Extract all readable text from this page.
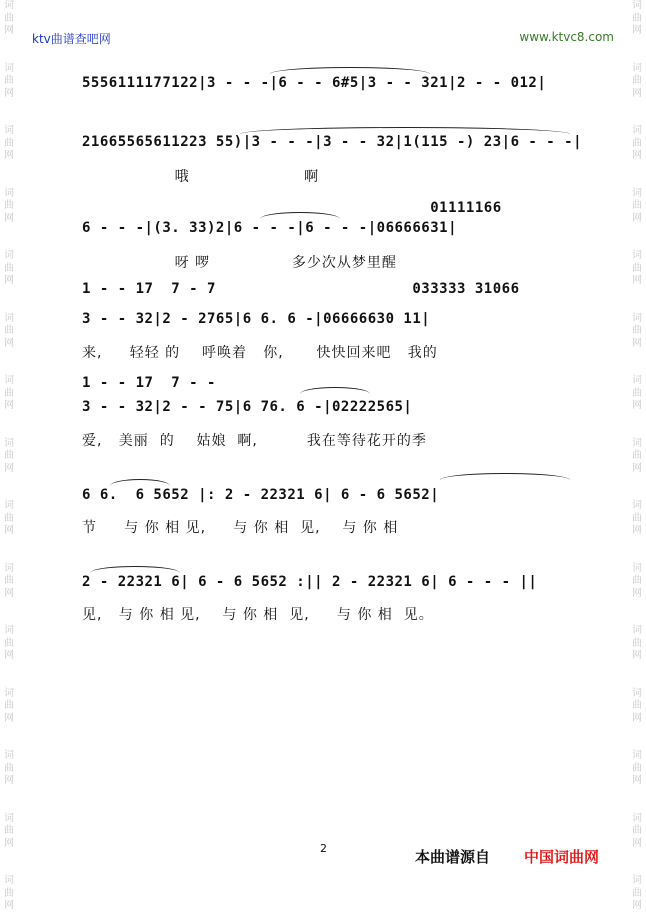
词
曲
网

词
曲
网

词
曲
网

词
曲
网

词
曲
网

词
曲
网

词
曲
网

词
曲
网

词
曲
网

词
曲
网

词
曲
网

词
曲
网

词
曲
网

词
曲
网

词
曲
网
词
曲
网

词
曲
网

词
曲
网

词
曲
网

词
曲
网

词
曲
网

词
曲
网

词
曲
网

词
曲
网

词
曲
网

词
曲
网

词
曲
网

词
曲
网

词
曲
网

词
曲
网
ktv曲谱查吧网	www.ktvc8.com
5556111177122|3 - - -|6 - - 6#5|3 - - 321|2 - - 012|
21665565611223 55)|3 - - -|3 - - 32|1(115 -) 23|6 - - -|
哦                     啊
01111166
6 - - -|(3. 33)2|6 - - -|6 - - -|06666631|
呀 啰               多少次从梦里醒
1 - - 17  7 - 7                      033333 31066
3 - - 32|2 - 2765|6 6. 6 -|06666630 11|
来,     轻轻 的    呼唤着   你,      快快回来吧   我的
1 - - 17  7 - -
3 - - 32|2 - - 75|6 76. 6 -|02222565|
爱,   美丽  的    姑娘  啊,         我在等待花开的季
6 6.  6 5652 |: 2 - 22321 6| 6 - 6 5652|
节     与 你 相 见,     与 你 相  见,    与 你 相
2 - 22321 6| 6 - 6 5652 :|| 2 - 22321 6| 6 - - - ||
见,   与 你 相 见,    与 你 相  见,     与 你 相  见。
2	本曲谱源自 中国词曲网
